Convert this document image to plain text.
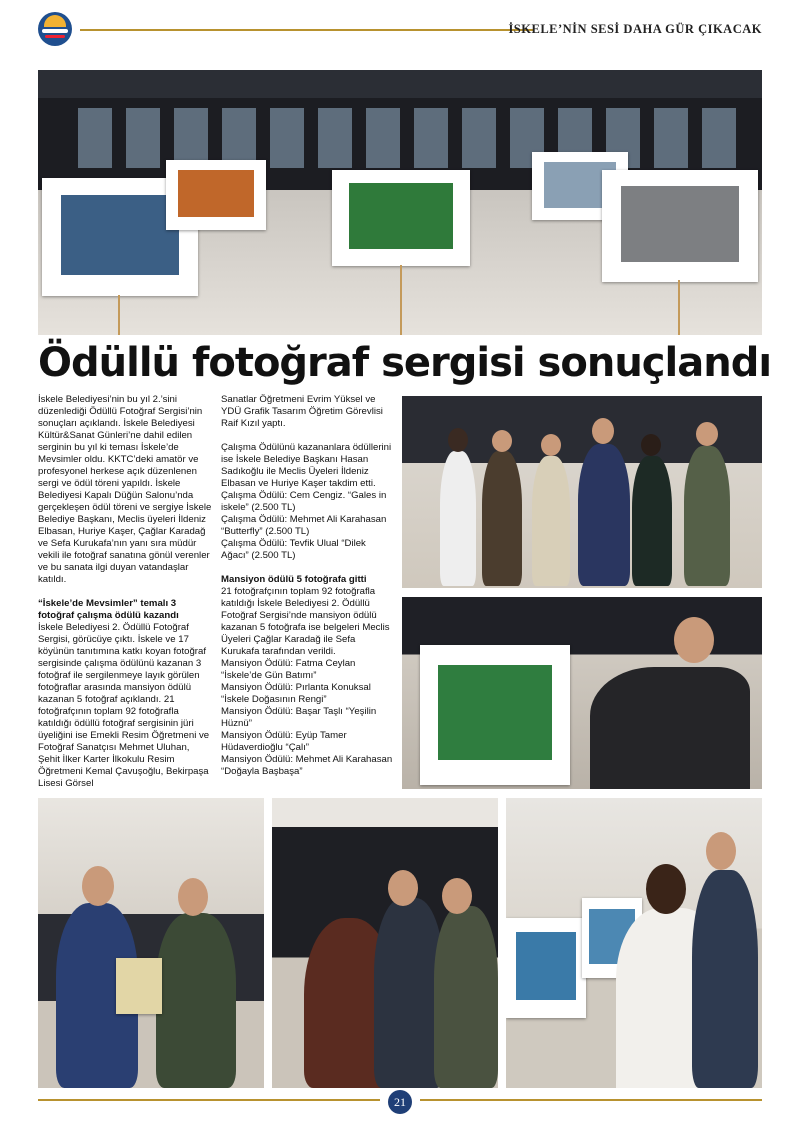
İSKELE’NİN SESİ DAHA GÜR ÇIKACAK
Ödüllü fotoğraf sergisi sonuçlandı

İskele Belediyesi’nin bu yıl 2.’sini düzenlediği Ödüllü Fotoğraf Sergisi’nin sonuçları açıklandı. İskele Belediyesi Kültür&Sanat Günleri’ne dahil edilen serginin bu yıl ki teması İskele’de Mevsimler oldu. KKTC’deki amatör ve profesyonel herkese açık düzenlenen sergi ve ödül töreni yapıldı. İskele Belediyesi Kapalı Düğün Salonu’nda gerçekleşen ödül töreni ve sergiye İskele Belediye Başkanı, Meclis üyeleri İldeniz Elbasan, Huriye Kaşer, Çağlar Karadağ ve Sefa Kurukafa’nın yanı sıra müdür vekili ile fotoğraf sanatına gönül verenler ve bu sanata ilgi duyan vatandaşlar katıldı.

“İskele’de Mevsimler” temalı 3 fotoğraf çalışma ödülü kazandı

İskele Belediyesi 2. Ödüllü Fotoğraf Sergisi, görücüye çıktı. İskele ve 17 köyünün tanıtımına katkı koyan fotoğraf sergisinde çalışma ödülünü kazanan 3 fotoğraf ile sergilenmeye layık görülen fotoğraflar arasında mansiyon ödülü kazanan 5 fotoğraf açıklandı. 21 fotoğrafçının toplam 92 fotoğrafla katıldığı ödüllü fotoğraf sergisinin jüri üyeliğini ise Emekli Resim Öğretmeni ve Fotoğraf Sanatçısı Mehmet Uluhan, Şehit İlker Karter İlkokulu Resim Öğretmeni Kemal Çavuşoğlu, Bekirpaşa Lisesi Görsel

Sanatlar Öğretmeni Evrim Yüksel ve YDÜ Grafik Tasarım Öğretim Görevlisi Raif Kızıl yaptı.

Çalışma Ödülünü kazananlara ödüllerini ise İskele Belediye Başkanı Hasan Sadıkoğlu ile Meclis Üyeleri İldeniz Elbasan ve Huriye Kaşer takdim etti.

Çalışma Ödülü: Cem Cengiz. “Gales in iskele” (2.500 TL)

Çalışma Ödülü: Mehmet Ali Karahasan “Butterfly” (2.500 TL)

Çalışma Ödülü: Tevfik Ulual “Dilek Ağacı” (2.500 TL)

Mansiyon ödülü 5 fotoğrafa gitti

21 fotoğrafçının toplam 92 fotoğrafla katıldığı İskele Belediyesi 2. Ödüllü Fotoğraf Sergisi’nde mansiyon ödülü kazanan 5 fotoğrafa ise belgeleri Meclis Üyeleri Çağlar Karadağ ile Sefa Kurukafa tarafından verildi.

Mansiyon Ödülü: Fatma Ceylan “İskele’de Gün Batımı”

Mansiyon Ödülü: Pırlanta Konuksal “İskele Doğasının Rengi”

Mansiyon Ödülü: Başar Taşlı “Yeşilin Hüznü”

Mansiyon Ödülü: Eyüp Tamer Hüdaverdioğlu “Çalı”

Mansiyon Ödülü: Mehmet Ali Karahasan “Doğayla Başbaşa”

21
